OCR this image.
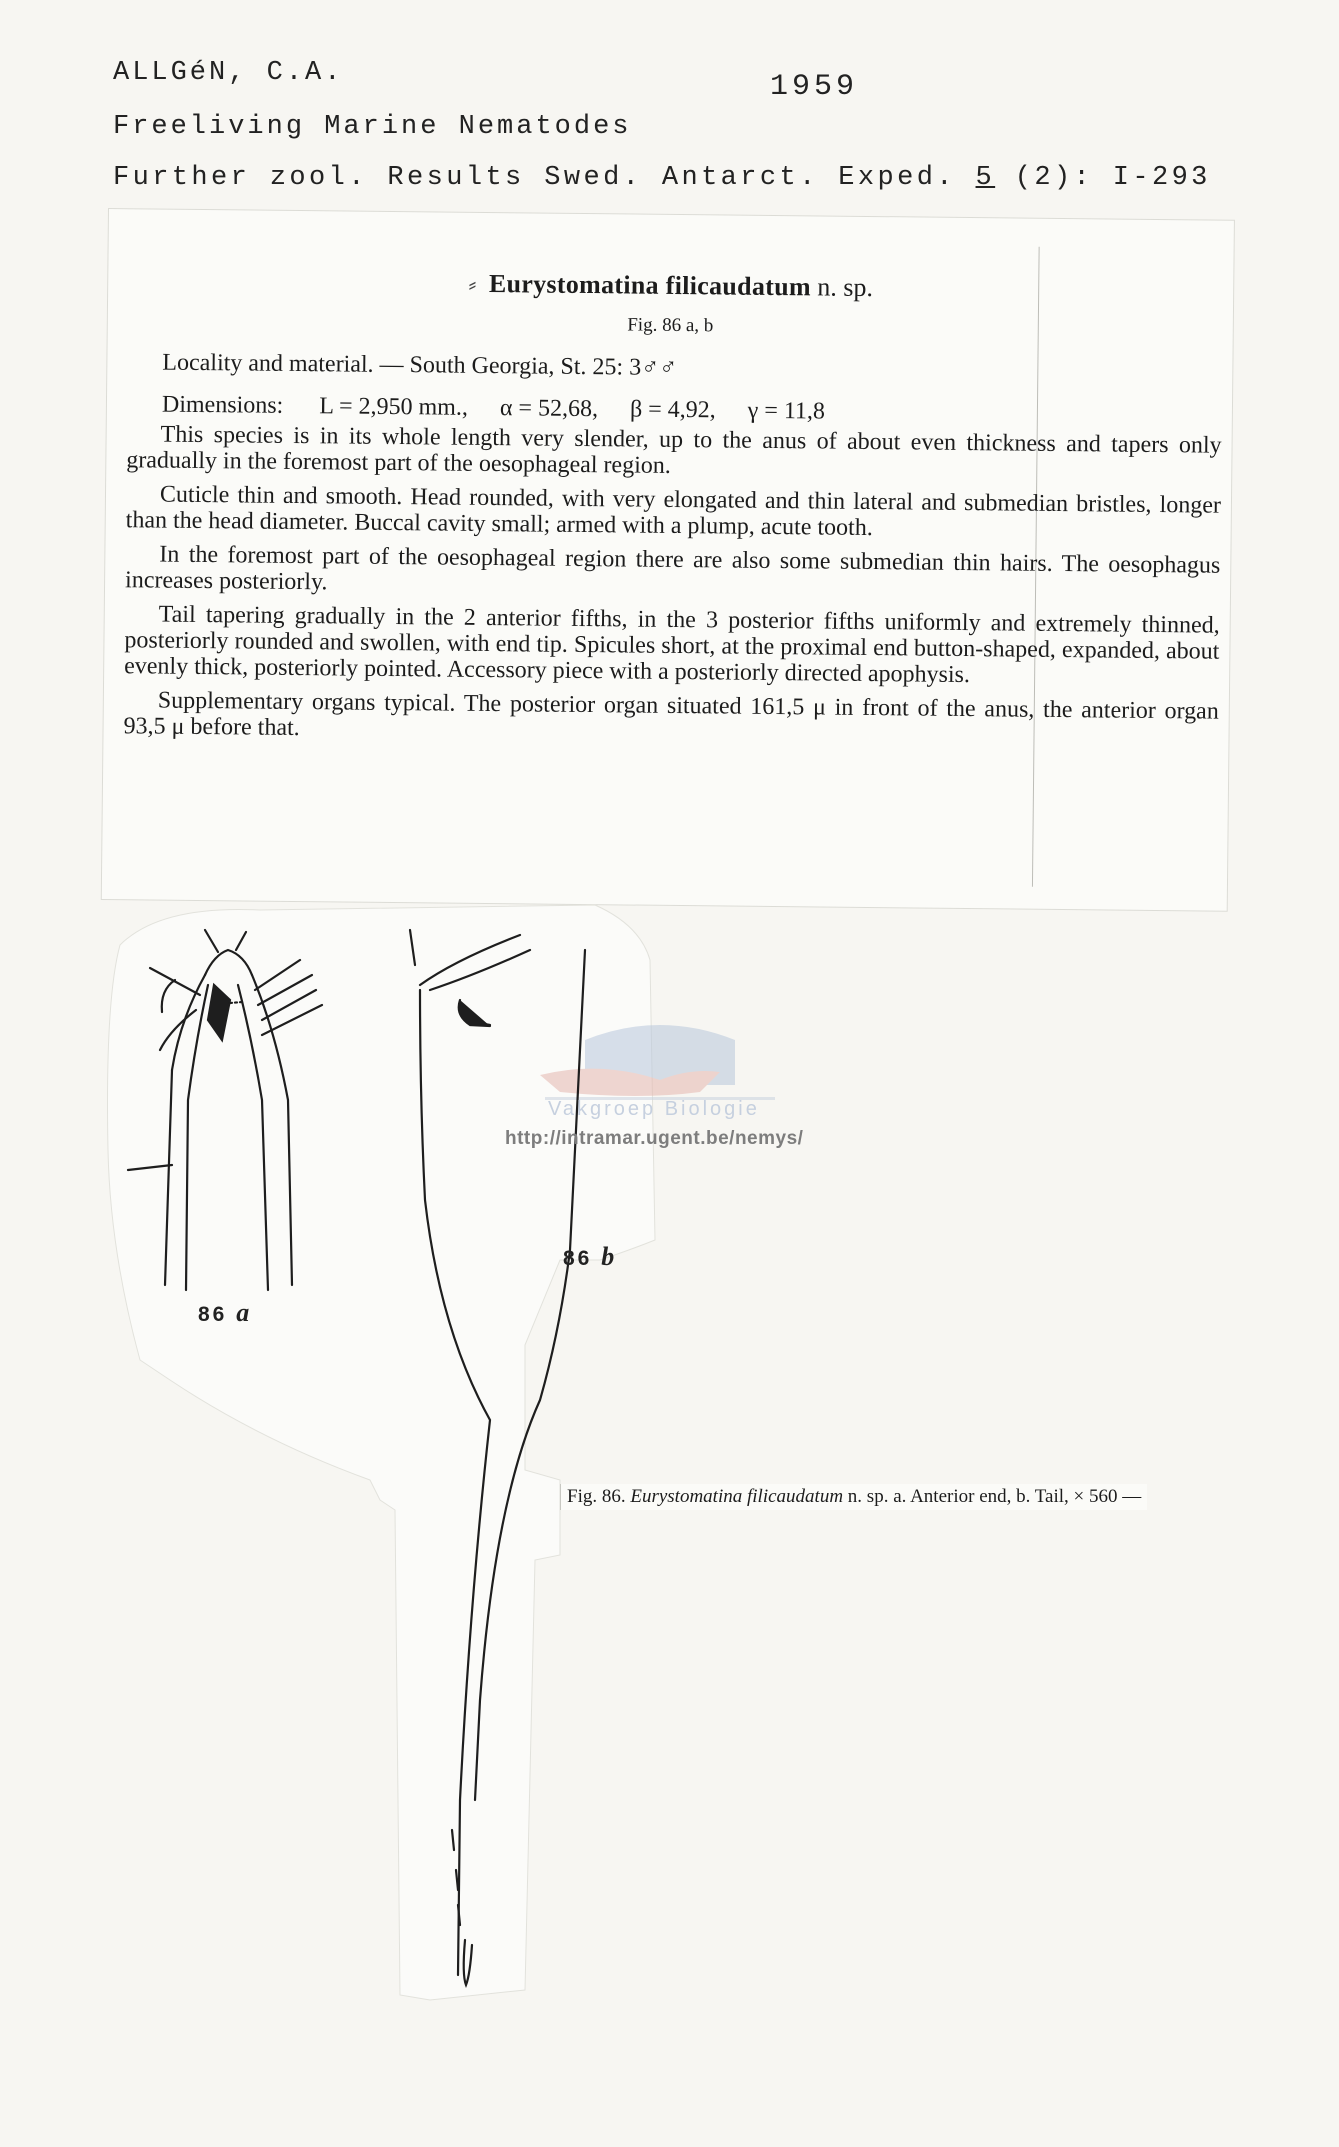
ALLGéN, C.A.	1959
Freeliving Marine Nematodes
Further zool. Results Swed. Antarct. Exped. 5 (2): I-293
⸗ Eurystomatina filicaudatum n. sp.
Fig. 86 a, b
Locality and material. — South Georgia, St. 25: 3♂♂
Dimensions: L = 2,950 mm., α = 52,68, β = 4,92, γ = 11,8

This species is in its whole length very slender, up to the anus of about even thickness and tapers only gradually in the foremost part of the oesophageal region.

Cuticle thin and smooth. Head rounded, with very elongated and thin lateral and submedian bristles, longer than the head diameter. Buccal cavity small; armed with a plump, acute tooth.

In the foremost part of the oesophageal region there are also some submedian thin hairs. The oesophagus increases posteriorly.

Tail tapering gradually in the 2 anterior fifths, in the 3 posterior fifths uniformly and extremely thinned, posteriorly rounded and swollen, with end tip. Spicules short, at the proximal end button-shaped, expanded, about evenly thick, posteriorly pointed. Accessory piece with a posteriorly directed apophysis.

Supplementary organs typical. The posterior organ situated 161,5 μ in front of the anus, the anterior organ 93,5 μ before that.

Vakgroep Biologie
http://intramar.ugent.be/nemys/
86 a
86 b
Fig. 86. Eurystomatina filicaudatum n. sp. a. Anterior end, b. Tail, × 560 —
